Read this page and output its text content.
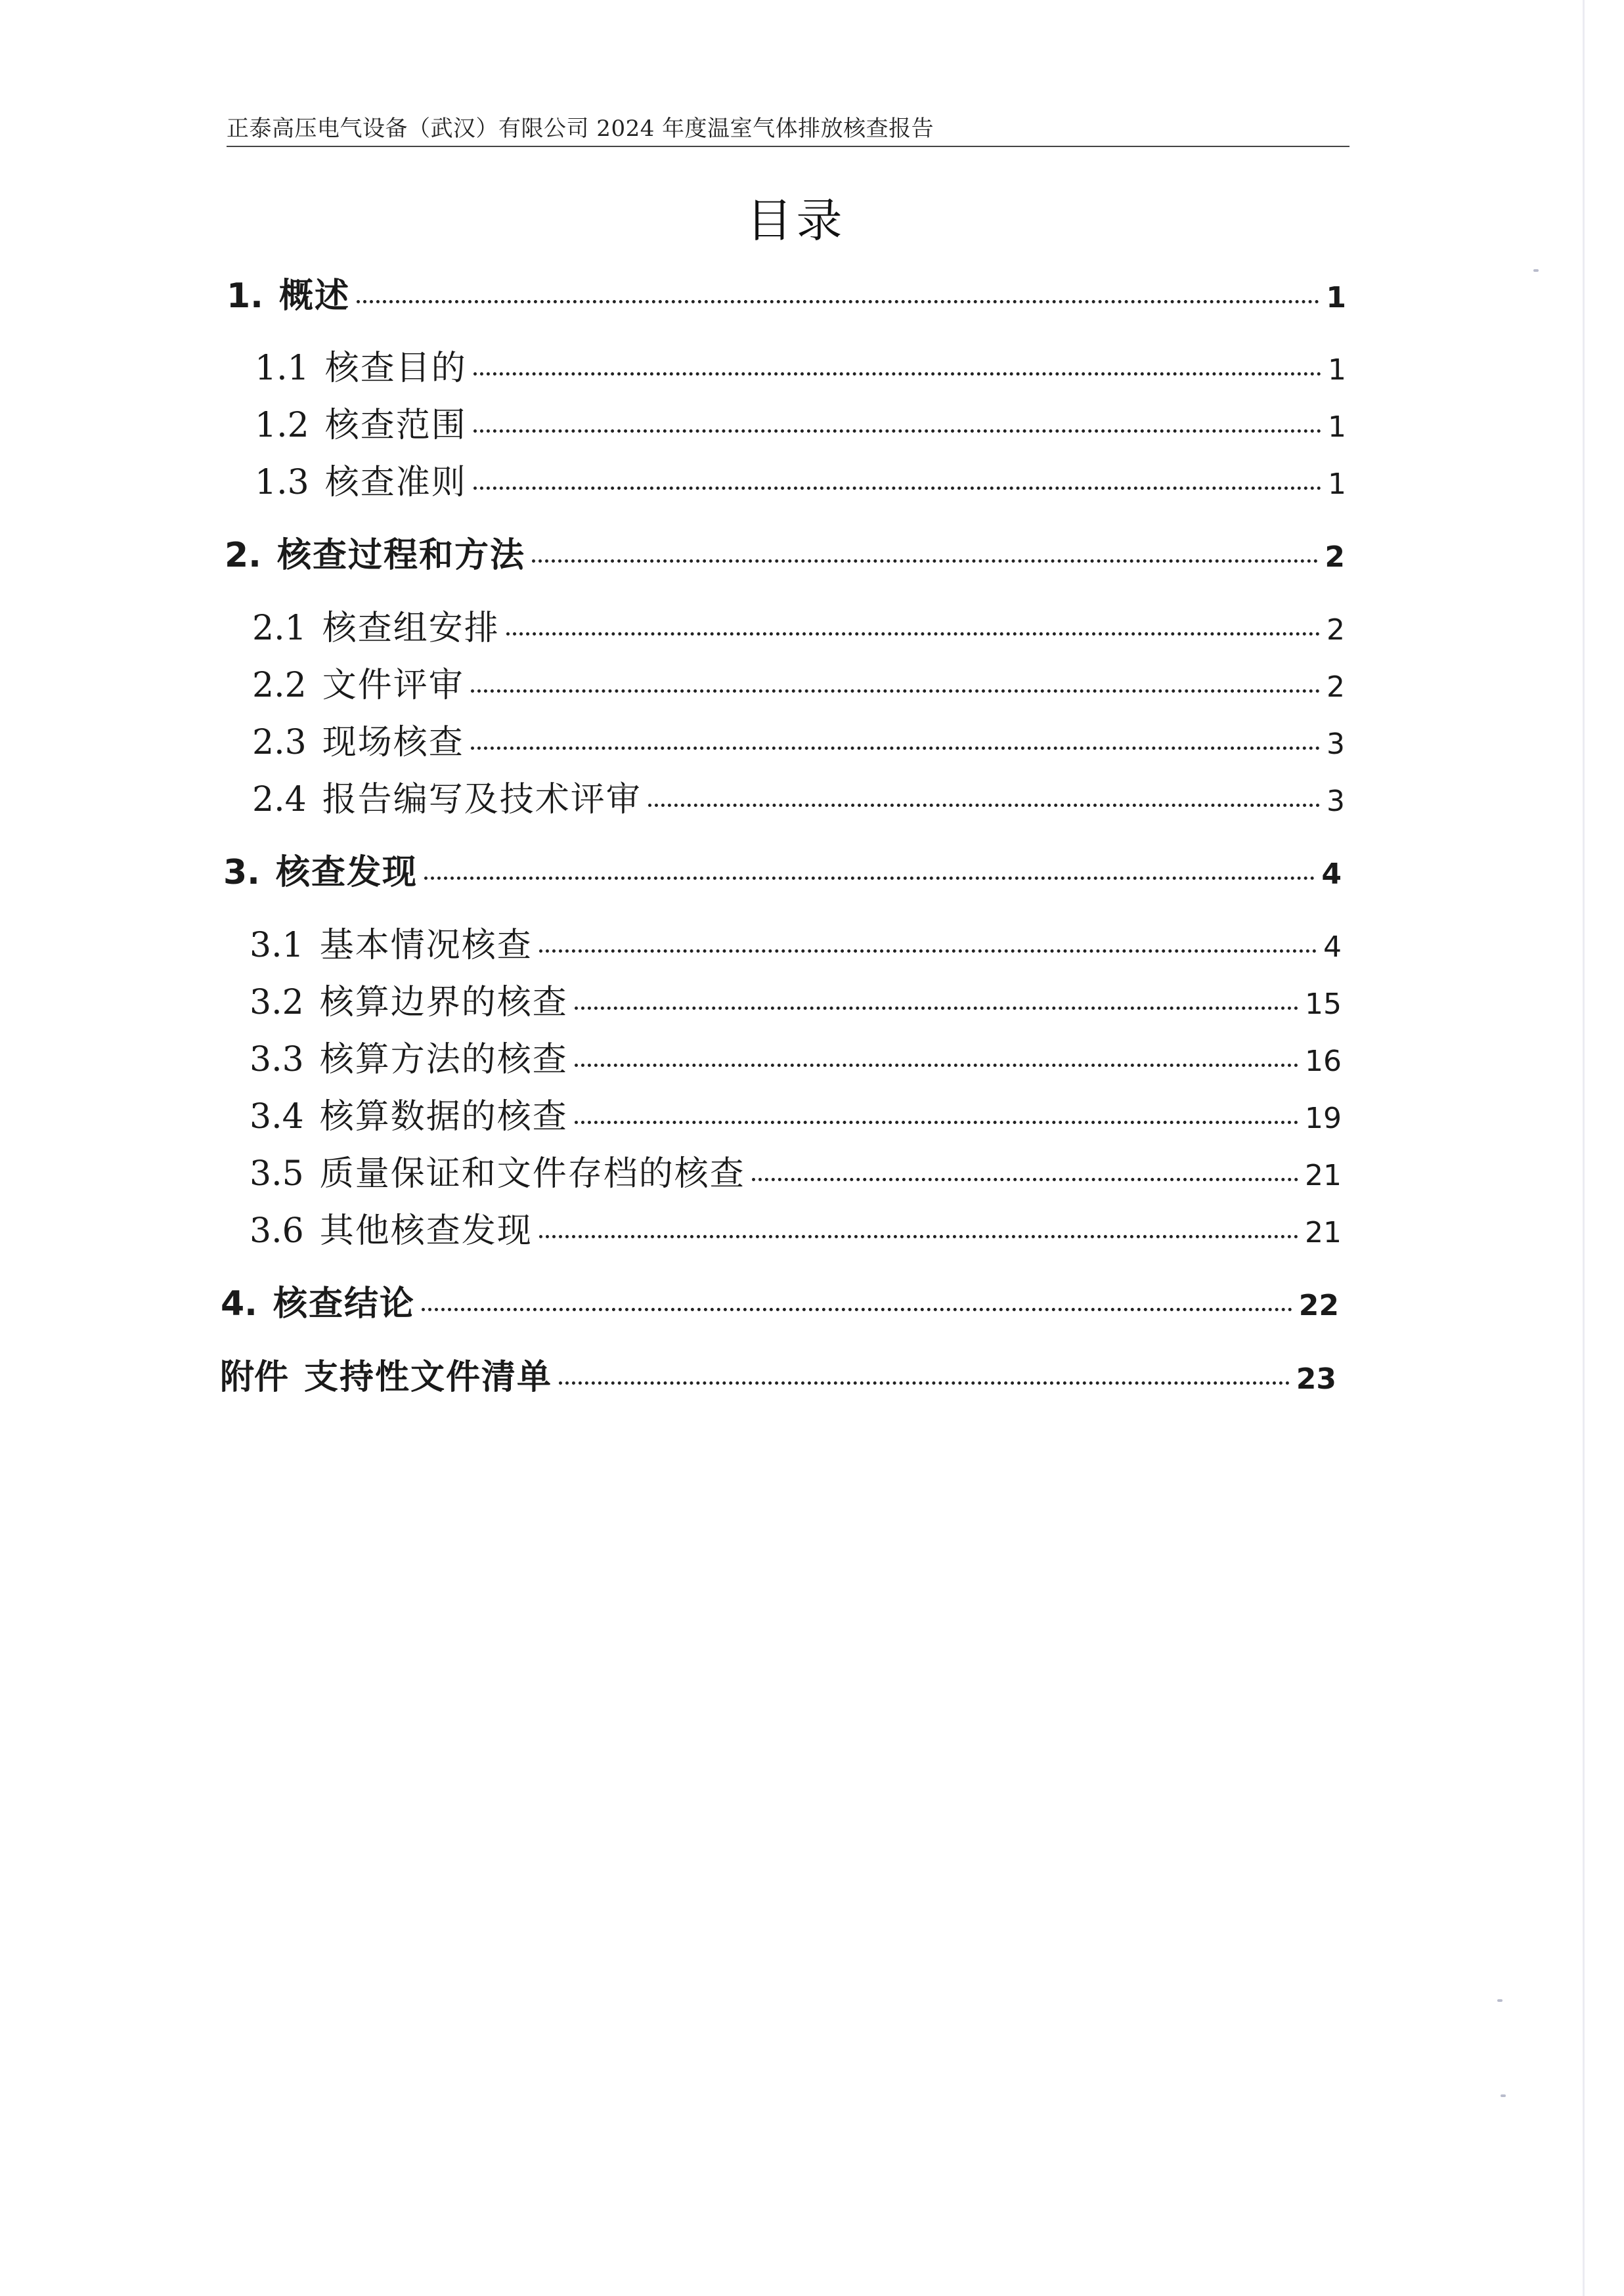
正泰高压电气设备（武汉）有限公司 2024 年度温室气体排放核查报告
目录
1. 概述	1
1.1 核查目的	1
1.2 核查范围	1
1.3 核查准则	1
2. 核查过程和方法	2
2.1 核查组安排	2
2.2 文件评审	2
2.3 现场核查	3
2.4 报告编写及技术评审	3
3. 核查发现	4
3.1 基本情况核查	4
3.2 核算边界的核查	15
3.3 核算方法的核查	16
3.4 核算数据的核查	19
3.5 质量保证和文件存档的核查	21
3.6 其他核查发现	21
4. 核查结论	22
附件 支持性文件清单	23
